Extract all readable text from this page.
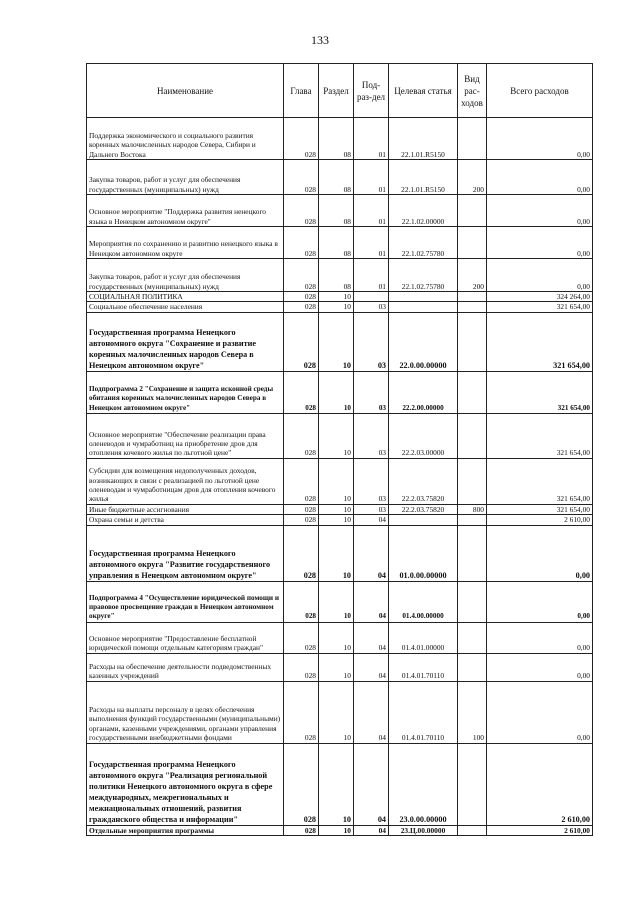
133
Наименование	Глава	Раздел	Под-раз-дел	Целевая статья	Вид рас-ходов	Всего расходов
Поддержка экономического и социального развития коренных малочисленных народов Севера, Сибири и Дальнего Востока	028	08	01	22.1.01.R5150		0,00
Закупка товаров, работ и услуг для обеспечения государственных (муниципальных) нужд	028	08	01	22.1.01.R5150	200	0,00
Основное мероприятие "Поддержка развития ненецкого языка в Ненецком автономном округе"	028	08	01	22.1.02.00000		0,00
Мероприятия по сохранению и развитию ненецкого языка в Ненецком автономном округе	028	08	01	22.1.02.75780		0,00
Закупка товаров, работ и услуг для обеспечения государственных (муниципальных) нужд	028	08	01	22.1.02.75780	200	0,00
СОЦИАЛЬНАЯ ПОЛИТИКА	028	10				324 264,00
Социальное обеспечение населения	028	10	03			321 654,00
Государственная программа Ненецкого автономного округа "Сохранение и развитие коренных малочисленных народов Севера в Ненецком автономном округе"	028	10	03	22.0.00.00000		321 654,00
Подпрограмма 2 "Сохранение и защита исконной среды обитания коренных малочисленных народов Севера в Ненецком автономном округе"	028	10	03	22.2.00.00000		321 654,00
Основное мероприятие "Обеспечение реализации права оленеводов и чумработниц на приобретение дров для отопления кочевого жилья по льготной цене"	028	10	03	22.2.03.00000		321 654,00
Субсидии для возмещения недополученных доходов, возникающих в связи с реализацией по льготной цене оленеводам и чумработницам дров для отопления кочевого жилья	028	10	03	22.2.03.75820		321 654,00
Иные бюджетные ассигнования	028	10	03	22.2.03.75820	800	321 654,00
Охрана семьи и детства	028	10	04			2 610,00
Государственная программа Ненецкого автономного округа "Развитие государственного управления в Ненецком автономном округе"	028	10	04	01.0.00.00000		0,00
Подпрограмма 4 "Осуществление юридической помощи и правовое просвещение граждан в Ненецком автономном округе"	028	10	04	01.4.00.00000		0,00
Основное мероприятие "Предоставление бесплатной юридической помощи отдельным категориям граждан"	028	10	04	01.4.01.00000		0,00
Расходы на обеспечение деятельности подведомственных казенных учреждений	028	10	04	01.4.01.70110		0,00
Расходы на выплаты персоналу в целях обеспечения выполнения функций государственными (муниципальными) органами, казенными учреждениями, органами управления государственными внебюджетными фондами	028	10	04	01.4.01.70110	100	0,00
Государственная программа Ненецкого автономного округа "Реализация региональной политики Ненецкого автономного округа в сфере международных, межрегиональных и межнациональных отношений, развития гражданского общества и информации"	028	10	04	23.0.00.00000		2 610,00
Отдельные мероприятия программы	028	10	04	23.Ц.00.00000		2 610,00
